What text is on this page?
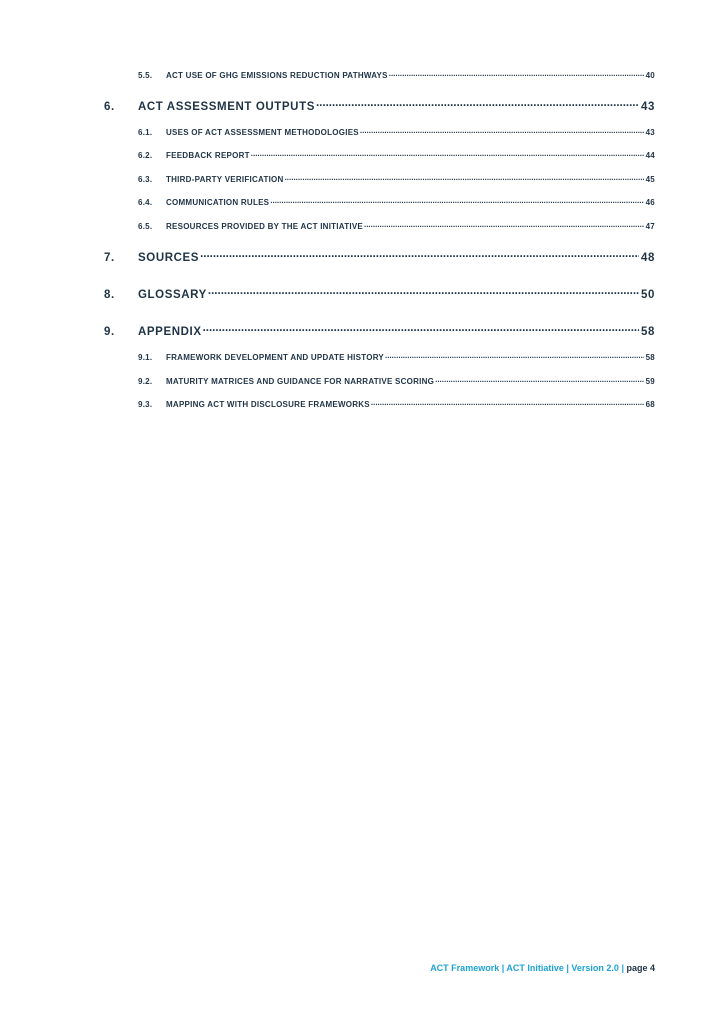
5.5.	ACT USE OF GHG EMISSIONS REDUCTION PATHWAYS .....	40
6.	ACT ASSESSMENT OUTPUTS .....	43
6.1.	USES OF ACT ASSESSMENT METHODOLOGIES .....	43
6.2.	FEEDBACK REPORT .....	44
6.3.	THIRD-PARTY VERIFICATION .....	45
6.4.	COMMUNICATION RULES .....	46
6.5.	RESOURCES PROVIDED BY THE ACT INITIATIVE .....	47
7.	SOURCES .....	48
8.	GLOSSARY .....	50
9.	APPENDIX .....	58
9.1.	FRAMEWORK DEVELOPMENT AND UPDATE HISTORY .....	58
9.2.	MATURITY MATRICES AND GUIDANCE FOR NARRATIVE SCORING .....	59
9.3.	MAPPING ACT WITH DISCLOSURE FRAMEWORKS .....	68
ACT Framework | ACT Initiative | Version 2.0 | page 4
